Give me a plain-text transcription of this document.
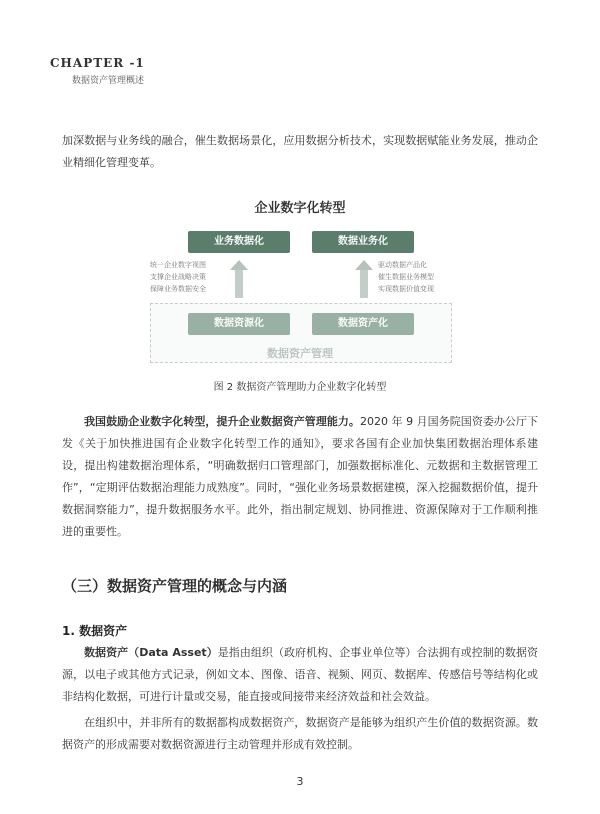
CHAPTER -1
数据资产管理概述
加深数据与业务线的融合，催生数据场景化，应用数据分析技术，实现数据赋能业务发展，推动企业精细化管理变革。
企业数字化转型
业务数据化	数据业务化
统一企业数字视图
支撑企业战略决策
保障业务数据安全
驱动数据产品化
催生数据业务模型
实现数据价值变现
数据资源化	数据资产化
数据资产管理
图 2 数据资产管理助力企业数字化转型
我国鼓励企业数字化转型，提升企业数据资产管理能力。2020 年 9 月国务院国资委办公厅下发《关于加快推进国有企业数字化转型工作的通知》，要求各国有企业加快集团数据治理体系建设，提出构建数据治理体系，“明确数据归口管理部门，加强数据标准化、元数据和主数据管理工作”，“定期评估数据治理能力成熟度”。同时，“强化业务场景数据建模，深入挖掘数据价值，提升数据洞察能力”，提升数据服务水平。此外，指出制定规划、协同推进、资源保障对于工作顺利推进的重要性。
（三）数据资产管理的概念与内涵
1. 数据资产
数据资产（Data Asset）是指由组织（政府机构、企事业单位等）合法拥有或控制的数据资源，以电子或其他方式记录，例如文本、图像、语音、视频、网页、数据库、传感信号等结构化或非结构化数据，可进行计量或交易，能直接或间接带来经济效益和社会效益。
在组织中，并非所有的数据都构成数据资产，数据资产是能够为组织产生价值的数据资源。数据资产的形成需要对数据资源进行主动管理并形成有效控制。
3
